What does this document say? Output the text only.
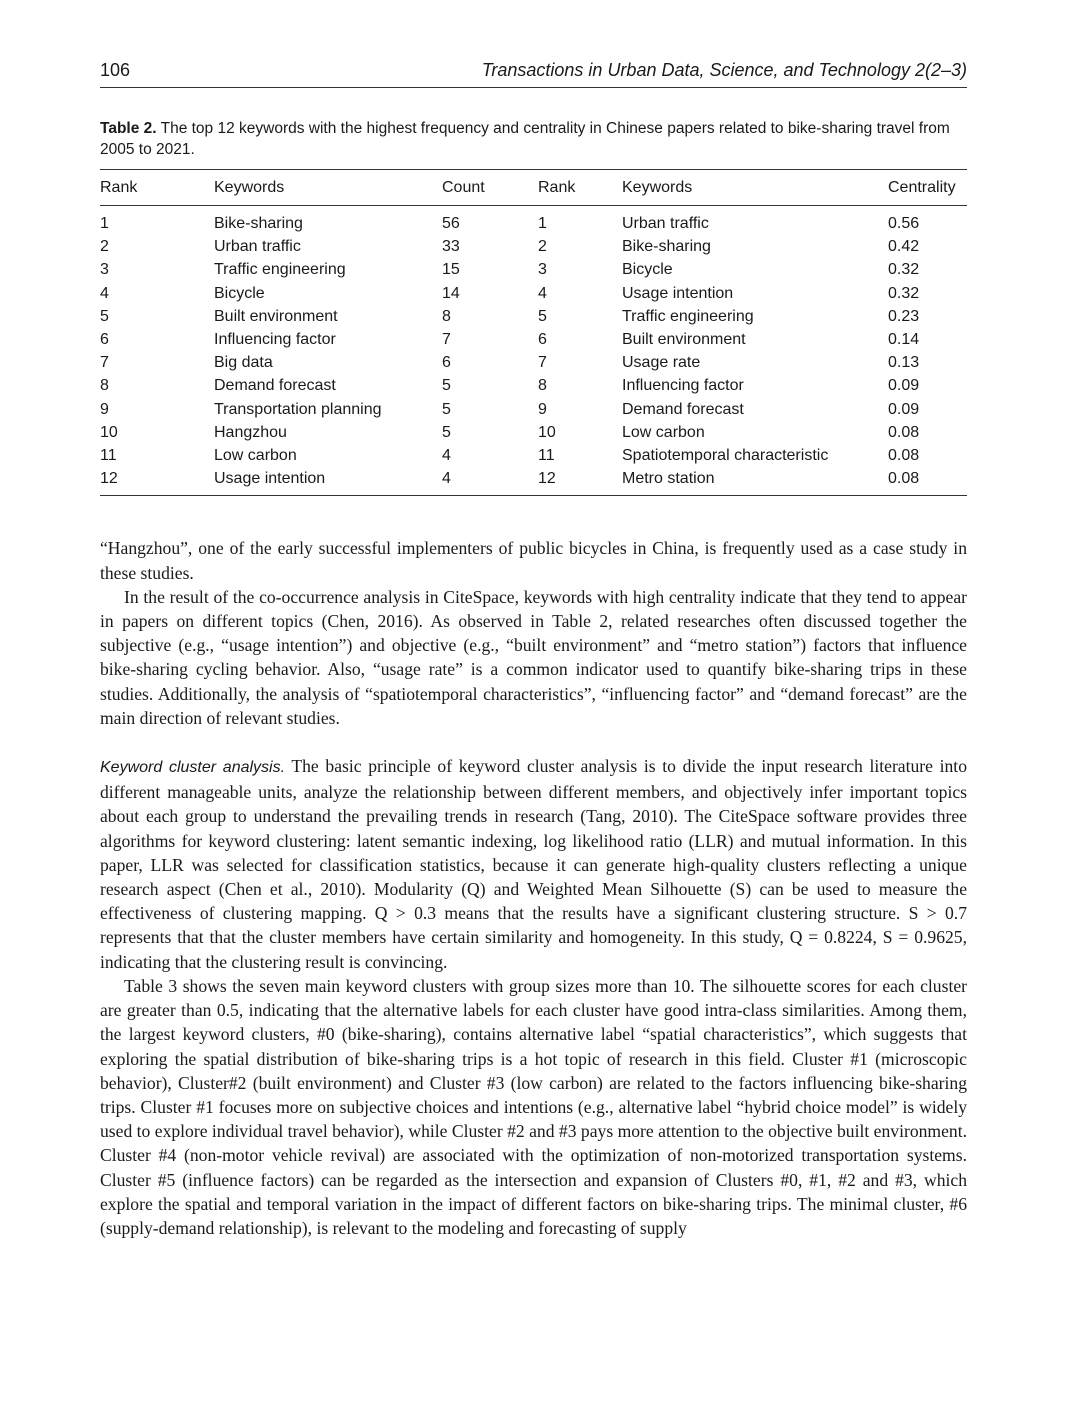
106	Transactions in Urban Data, Science, and Technology 2(2–3)
Table 2. The top 12 keywords with the highest frequency and centrality in Chinese papers related to bike-sharing travel from 2005 to 2021.
Rank	Keywords	Count	Rank	Keywords	Centrality
1	Bike-sharing	56	1	Urban traffic	0.56
2	Urban traffic	33	2	Bike-sharing	0.42
3	Traffic engineering	15	3	Bicycle	0.32
4	Bicycle	14	4	Usage intention	0.32
5	Built environment	8	5	Traffic engineering	0.23
6	Influencing factor	7	6	Built environment	0.14
7	Big data	6	7	Usage rate	0.13
8	Demand forecast	5	8	Influencing factor	0.09
9	Transportation planning	5	9	Demand forecast	0.09
10	Hangzhou	5	10	Low carbon	0.08
11	Low carbon	4	11	Spatiotemporal characteristic	0.08
12	Usage intention	4	12	Metro station	0.08

“Hangzhou”, one of the early successful implementers of public bicycles in China, is frequently used as a case study in these studies.

In the result of the co-occurrence analysis in CiteSpace, keywords with high centrality indicate that they tend to appear in papers on different topics (Chen, 2016). As observed in Table 2, related researches often discussed together the subjective (e.g., “usage intention”) and objective (e.g., “built environment” and “metro station”) factors that influence bike-sharing cycling behavior. Also, “usage rate” is a common indicator used to quantify bike-sharing trips in these studies. Additionally, the analysis of “spatiotemporal characteristics”, “influencing factor” and “demand forecast” are the main direction of relevant studies.

Keyword cluster analysis. The basic principle of keyword cluster analysis is to divide the input research literature into different manageable units, analyze the relationship between different members, and objectively infer important topics about each group to understand the prevailing trends in research (Tang, 2010). The CiteSpace software provides three algorithms for keyword clustering: latent semantic indexing, log likelihood ratio (LLR) and mutual information. In this paper, LLR was selected for classification statistics, because it can generate high-quality clusters reflecting a unique research aspect (Chen et al., 2010). Modularity (Q) and Weighted Mean Silhouette (S) can be used to measure the effectiveness of clustering mapping. Q > 0.3 means that the results have a significant clustering structure. S > 0.7 represents that that the cluster members have certain similarity and homogeneity. In this study, Q = 0.8224, S = 0.9625, indicating that the clustering result is convincing.

Table 3 shows the seven main keyword clusters with group sizes more than 10. The silhouette scores for each cluster are greater than 0.5, indicating that the alternative labels for each cluster have good intra-class similarities. Among them, the largest keyword clusters, #0 (bike-sharing), contains alternative label “spatial characteristics”, which suggests that exploring the spatial distribution of bike-sharing trips is a hot topic of research in this field. Cluster #1 (microscopic behavior), Cluster#2 (built environment) and Cluster #3 (low carbon) are related to the factors influencing bike-sharing trips. Cluster #1 focuses more on subjective choices and intentions (e.g., alternative label “hybrid choice model” is widely used to explore individual travel behavior), while Cluster #2 and #3 pays more attention to the objective built environment. Cluster #4 (non-motor vehicle revival) are associated with the optimization of non-motorized transportation systems. Cluster #5 (influence factors) can be regarded as the intersection and expansion of Clusters #0, #1, #2 and #3, which explore the spatial and temporal variation in the impact of different factors on bike-sharing trips. The minimal cluster, #6 (supply-demand relationship), is relevant to the modeling and forecasting of supply
